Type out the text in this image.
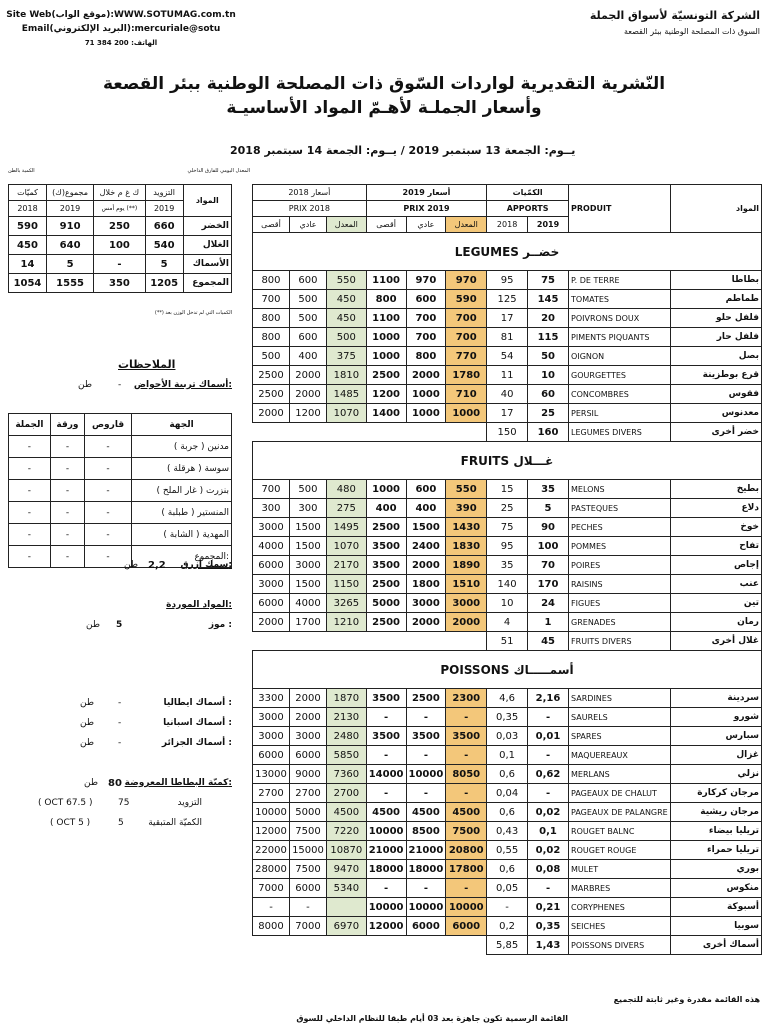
Site Web(موقع الواب):WWW.SOTUMAG.com.tn
Email(البريد الإلكتروني):mercuriale@sotu
الهاتف: 200 384 71
الشركة التونسيّة لأسواق الجملة
السوق ذات المصلحة الوطنية ببئر القصعة
النّشرية التقديرية لواردات السّوق ذات المصلحة الوطنية ببئر القصعة
وأسعار الجملـة لأهـمّ المواد الأساسيـة
يــوم: الجمعة 13 سبتمبر 2019 / يــوم: الجمعة 14 سبتمبر 2018
المعدل اليومي للفارق الداخلي
الكمية بالطن
كميّات	مجموع(ك)	ك غ م خلال	التزويد	المواد
2018	2019	يوم أمس (**)	2019	
590	910	250	660	الخضر
450	640	100	540	الغلال
14	5	-	5	الأسماك
1054	1555	350	1205	المجموع
(**) الكميات التي لم تدخل الوزن بعد
الملاحظات
أسماك تربية الأحواض:
-
طن
الجملة	ورقة	قاروص	الجهة
-	-	-	مدنين ( جربة )
-	-	-	سوسة ( هرقلة )
-	-	-	بنزرت ( غار الملح )
-	-	-	المنستير ( طبلبة )
-	-	-	المهدية ( الشابة )
-	-	-	المجموع:
سمك أزرق:
2,2
طن
المواد الموردة:
موز :
5
طن
أسماك ايطاليا :
-
طن
أسماك اسبانيا :
-
طن
أسماك الجزائر :
-
طن
كميّة البطاطا المعروضة:
80
طن
التزويد
75
( OCT 67.5 )
الكميّة المتبقية
5
( OCT 5 )
أسعار 2018			أسعار 2019			الكمّيات		PRODUIT	المواد
PRIX 2018			PRIX 2019			APPORTS			
أقصى	عادي	المعدل	أقصى	عادي	المعدل	2018	2019		
LEGUMES خضــر									
800	600	550	1100	970	970	95	75	P. DE TERRE	بطاطا
700	500	450	800	600	590	125	145	TOMATES	طماطم
800	500	450	1100	700	700	17	20	POIVRONS DOUX	فلفل حلو
800	600	500	1000	700	700	81	115	PIMENTS PIQUANTS	فلفل حار
500	400	375	1000	800	770	54	50	OIGNON	بصل
2500	2000	1810	2500	2000	1780	11	10	GOURGETTES	قرع بوطزينة
2500	2000	1485	1200	1000	710	40	60	CONCOMBRES	فقوس
2000	1200	1070	1400	1000	1000	17	25	PERSIL	معدنوس
						150	160	LEGUMES DIVERS	خضر أخرى
FRUITS غـــلال									
700	500	480	1000	600	550	15	35	MELONS	بطيخ
300	300	275	400	400	390	25	5	PASTEQUES	دلاع
3000	1500	1495	2500	1500	1430	75	90	PECHES	خوخ
4000	1500	1070	3500	2400	1830	95	100	POMMES	تفاح
6000	3000	2170	3500	2000	1890	35	70	POIRES	إجاص
3000	1500	1150	2500	1800	1510	140	170	RAISINS	عنب
6000	4000	3265	5000	3000	3000	10	24	FIGUES	تين
2000	1700	1210	2500	2000	2000	4	1	GRENADES	رمان
						51	45	FRUITS DIVERS	غلال أخرى
POISSONS أسمـــــاك									
3300	2000	1870	3500	2500	2300	4,6	2,16	SARDINES	سردينة
3000	2000	2130	-	-	-	0,35	-	SAURELS	شورو
3000	3000	2480	3500	3500	3500	0,03	0,01	SPARES	سبارس
6000	6000	5850	-	-	-	0,1	-	MAQUEREAUX	غزال
13000	9000	7360	14000	10000	8050	0,6	0,62	MERLANS	نزلي
2700	2700	2700	-	-	-	0,04	-	PAGEAUX DE CHALUT	مرجان كركارة
10000	5000	4500	4500	4500	4500	0,6	0,02	PAGEAUX DE PALANGRE	مرجان ريشية
12000	7500	7220	10000	8500	7500	0,43	0,1	ROUGET BALNC	تريليا بيضاء
22000	15000	10870	21000	21000	20800	0,55	0,02	ROUGET ROUGE	تريليا حمراء
28000	7500	9470	18000	18000	17800	0,6	0,08	MULET	بوري
7000	6000	5340	-	-	-	0,05	-	MARBRES	منكوس
-	-		10000	10000	10000	-	0,21	CORYPHENES	أسبوكة
8000	7000	6970	12000	6000	6000	0,2	0,35	SEICHES	سوبيا
						5,85	1,43	POISSONS DIVERS	أسماك أخرى
هذه القائمة مقدرة وغير ثابتة للتجميع
القائمة الرسمية تكون جاهزة بعد 03 أيام طبقا للنظام الداخلي للسوق
